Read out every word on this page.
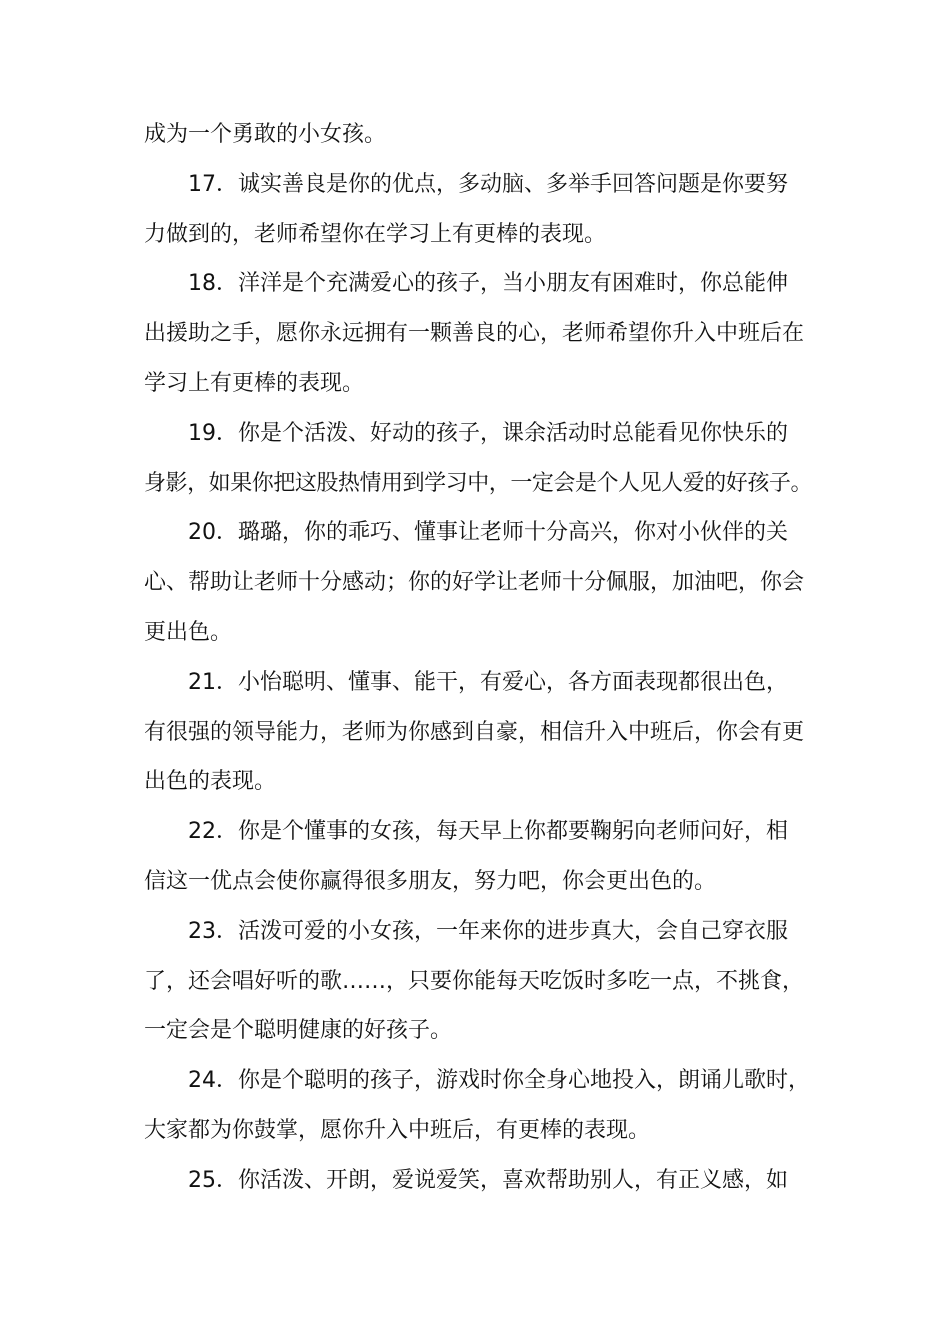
成为一个勇敢的小女孩。
17．诚实善良是你的优点，多动脑、多举手回答问题是你要努
力做到的，老师希望你在学习上有更棒的表现。
18．洋洋是个充满爱心的孩子，当小朋友有困难时，你总能伸
出援助之手，愿你永远拥有一颗善良的心，老师希望你升入中班后在
学习上有更棒的表现。
19．你是个活泼、好动的孩子，课余活动时总能看见你快乐的
身影，如果你把这股热情用到学习中，一定会是个人见人爱的好孩子。
20．璐璐，你的乖巧、懂事让老师十分高兴，你对小伙伴的关
心、帮助让老师十分感动；你的好学让老师十分佩服，加油吧，你会
更出色。
21．小怡聪明、懂事、能干，有爱心，各方面表现都很出色，
有很强的领导能力，老师为你感到自豪，相信升入中班后，你会有更
出色的表现。
22．你是个懂事的女孩，每天早上你都要鞠躬向老师问好，相
信这一优点会使你赢得很多朋友，努力吧，你会更出色的。
23．活泼可爱的小女孩，一年来你的进步真大，会自己穿衣服
了，还会唱好听的歌……，只要你能每天吃饭时多吃一点，不挑食，
一定会是个聪明健康的好孩子。
24．你是个聪明的孩子，游戏时你全身心地投入，朗诵儿歌时，
大家都为你鼓掌，愿你升入中班后，有更棒的表现。
25．你活泼、开朗，爱说爱笑，喜欢帮助别人，有正义感，如
